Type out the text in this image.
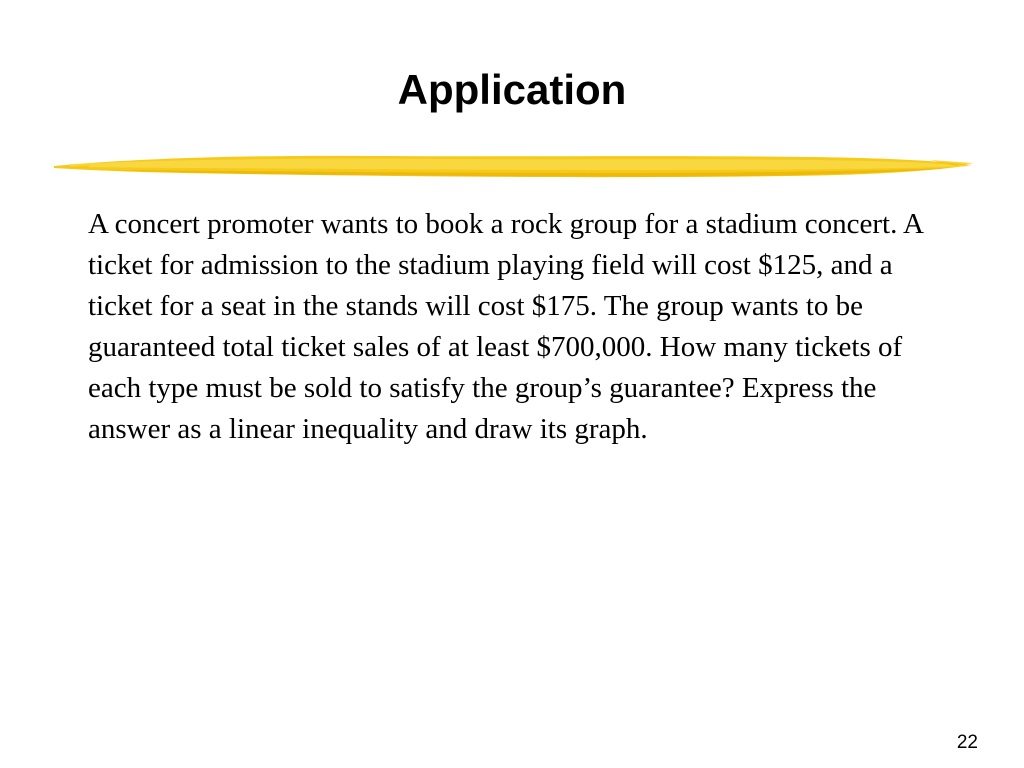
Application

A concert promoter wants to book a rock group for a stadium concert. A ticket for admission to the stadium playing field will cost $125, and a ticket for a seat in the stands will cost $175. The group wants to be guaranteed total ticket sales of at least $700,000. How many tickets of each type must be sold to satisfy the group’s guarantee? Express the answer as a linear inequality and draw its graph.

22
